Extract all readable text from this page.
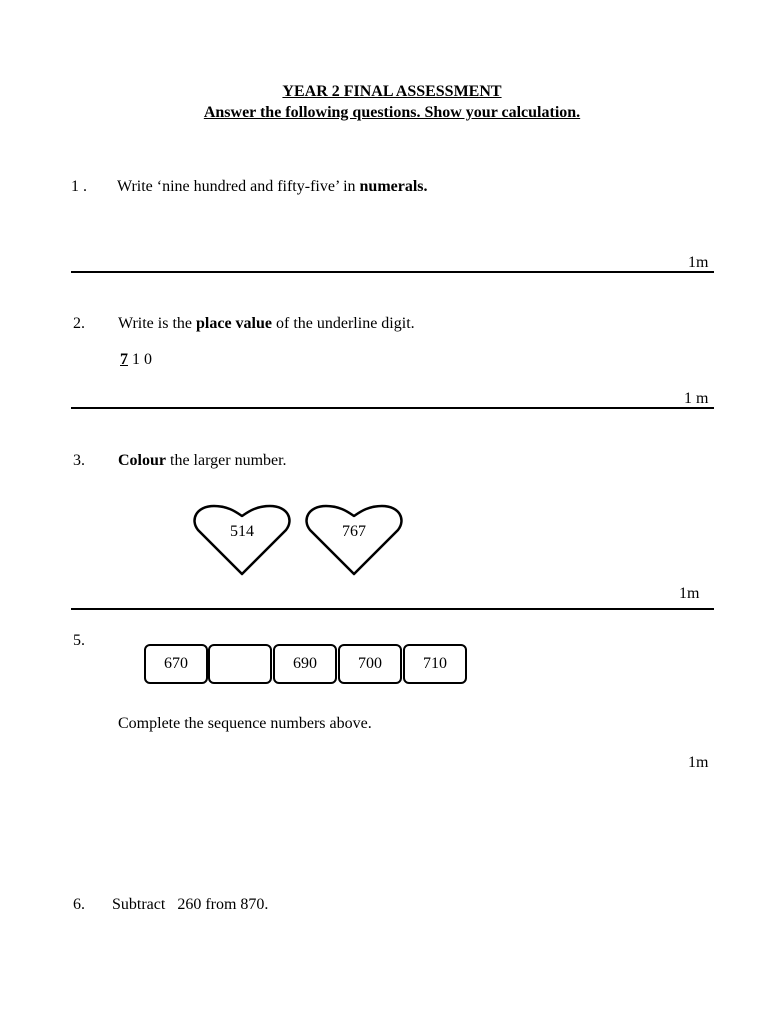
YEAR 2 FINAL ASSESSMENT
Answer the following questions. Show your calculation.
1 . Write ‘nine hundred and fifty-five’ in numerals.
1m
2. Write is the place value of the underline digit.
7 1 0
1 m
3. Colour the larger number.
514	767
1m
5.
670	690	700	710
Complete the sequence numbers above.
1m
6. Subtract   260 from 870.
